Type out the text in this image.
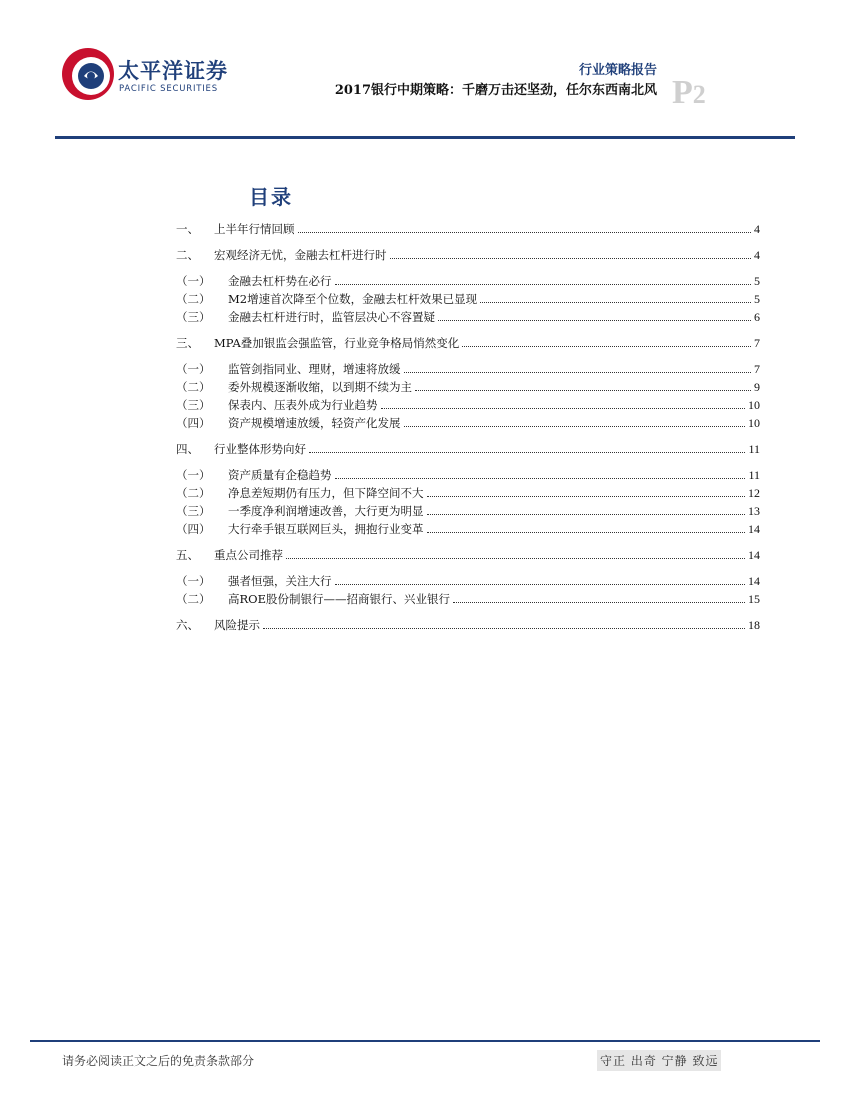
太平洋证券
PACIFIC SECURITIES
行业策略报告
2017银行中期策略：千磨万击还坚劲，任尔东西南北风 P2
目录
一、	上半年行情回顾	4
二、	宏观经济无忧，金融去杠杆进行时	4
（一）	金融去杠杆势在必行	5
（二）	M2增速首次降至个位数，金融去杠杆效果已显现	5
（三）	金融去杠杆进行时，监管层决心不容置疑	6
三、	MPA叠加银监会强监管，行业竞争格局悄然变化	7
（一）	监管剑指同业、理财，增速将放缓	7
（二）	委外规模逐渐收缩，以到期不续为主	9
（三）	保表内、压表外成为行业趋势	10
（四）	资产规模增速放缓，轻资产化发展	10
四、	行业整体形势向好	11
（一）	资产质量有企稳趋势	11
（二）	净息差短期仍有压力，但下降空间不大	12
（三）	一季度净利润增速改善，大行更为明显	13
（四）	大行牵手银互联网巨头，拥抱行业变革	14
五、	重点公司推荐	14
（一）	强者恒强，关注大行	14
（二）	高ROE股份制银行——招商银行、兴业银行	15
六、	风险提示	18
请务必阅读正文之后的免责条款部分	守正 出奇 宁静 致远
